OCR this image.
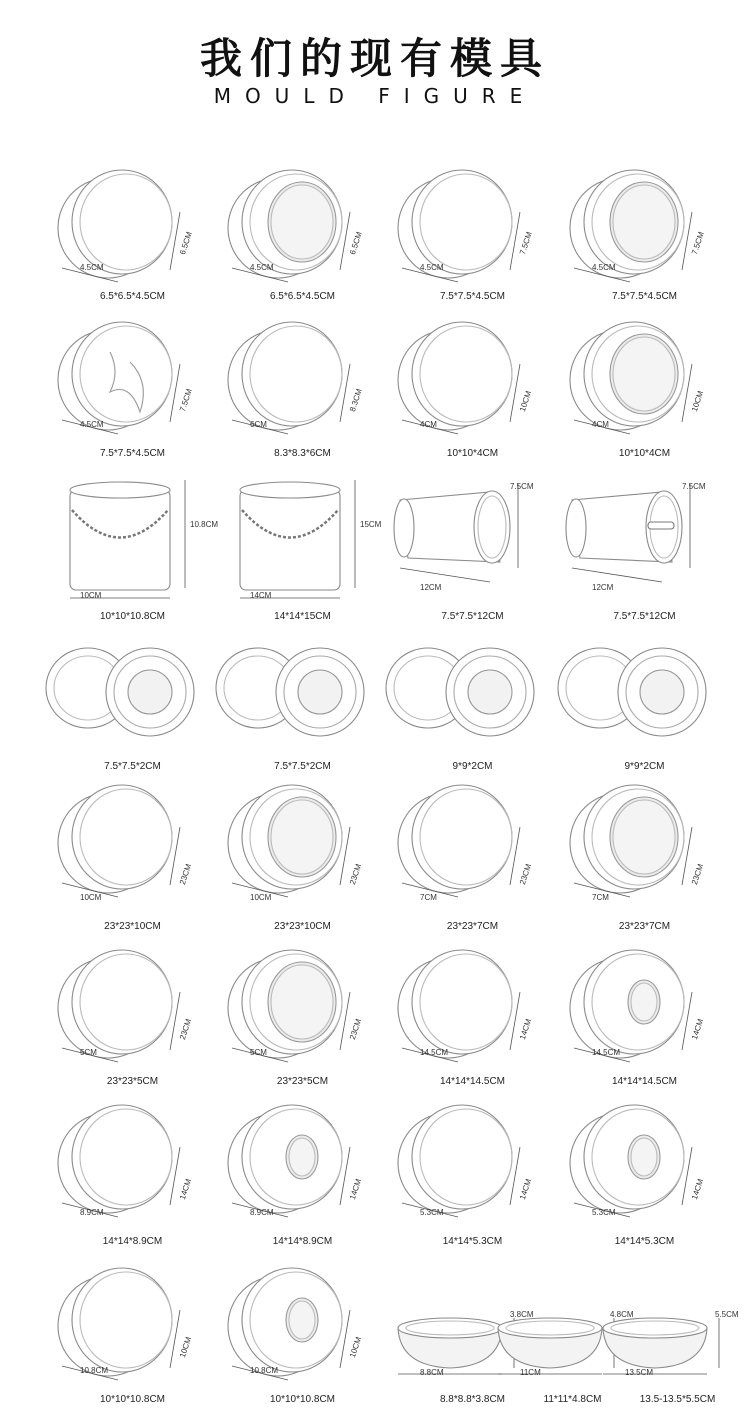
我们的现有模具
MOULD FIGURE
4.5CM
6.5CM
6.5*6.5*4.5CM
4.5CM
6.5CM
6.5*6.5*4.5CM
4.5CM
7.5CM
7.5*7.5*4.5CM
4.5CM
7.5CM
7.5*7.5*4.5CM
4.5CM
7.5CM
7.5*7.5*4.5CM
6CM
8.3CM
8.3*8.3*6CM
4CM
10CM
10*10*4CM
4CM
10CM
10*10*4CM
10CM
10.8CM
10*10*10.8CM
14CM
15CM
14*14*15CM
12CM
7.5CM
7.5*7.5*12CM
12CM
7.5CM
7.5*7.5*12CM
7.5*7.5*2CM	7.5*7.5*2CM	9*9*2CM	9*9*2CM
10CM
23CM
23*23*10CM
10CM
23CM
23*23*10CM
7CM
23CM
23*23*7CM
7CM
23CM
23*23*7CM
5CM
23CM
23*23*5CM
5CM
23CM
23*23*5CM
14.5CM
14CM
14*14*14.5CM
14.5CM
14CM
14*14*14.5CM
8.9CM
14CM
14*14*8.9CM
8.9CM
14CM
14*14*8.9CM
5.3CM
14CM
14*14*5.3CM
5.3CM
14CM
14*14*5.3CM
10.8CM
10CM
10*10*10.8CM
10.8CM
10CM
10*10*10.8CM
8.8CM
3.8CM
8.8*8.8*3.8CM
11CM
4.8CM
11*11*4.8CM
13.5CM
5.5CM
13.5-13.5*5.5CM
